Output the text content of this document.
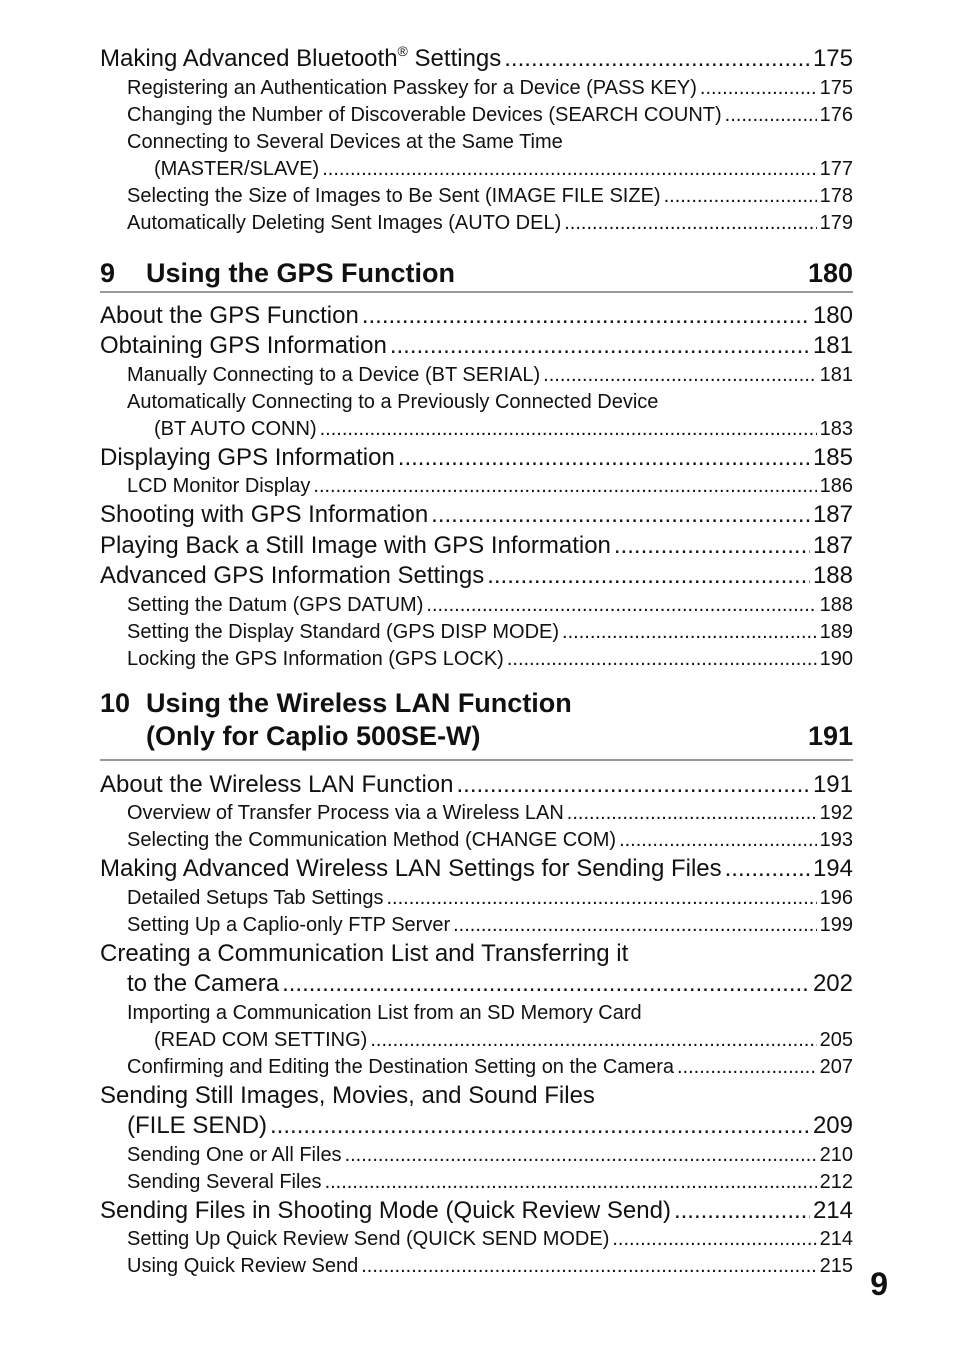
Making Advanced Bluetooth® Settings .....	175
Registering an Authentication Passkey for a Device (PASS KEY) .....	175
Changing the Number of Discoverable Devices (SEARCH COUNT) .....	176
Connecting to Several Devices at the Same Time
(MASTER/SLAVE) .....	177
Selecting the Size of Images to Be Sent (IMAGE FILE SIZE) .....	178
Automatically Deleting Sent Images (AUTO DEL) .....	179
9 Using the GPS Function	180
About the GPS Function .....	180
Obtaining GPS Information .....	181
Manually Connecting to a Device (BT SERIAL) .....	181
Automatically Connecting to a Previously Connected Device
(BT AUTO CONN) .....	183
Displaying GPS Information .....	185
LCD Monitor Display .....	186
Shooting with GPS Information .....	187
Playing Back a Still Image with GPS Information .....	187
Advanced GPS Information Settings .....	188
Setting the Datum (GPS DATUM) .....	188
Setting the Display Standard (GPS DISP MODE) .....	189
Locking the GPS Information (GPS LOCK) .....	190
10 Using the Wireless LAN Function
(Only for Caplio 500SE-W)	191
About the Wireless LAN Function .....	191
Overview of Transfer Process via a Wireless LAN .....	192
Selecting the Communication Method (CHANGE COM) .....	193
Making Advanced Wireless LAN Settings for Sending Files .....	194
Detailed Setups Tab Settings .....	196
Setting Up a Caplio-only FTP Server .....	199
Creating a Communication List and Transferring it
to the Camera .....	202
Importing a Communication List from an SD Memory Card
(READ COM SETTING) .....	205
Confirming and Editing the Destination Setting on the Camera .....	207
Sending Still Images, Movies, and Sound Files
(FILE SEND) .....	209
Sending One or All Files .....	210
Sending Several Files .....	212
Sending Files in Shooting Mode (Quick Review Send) .....	214
Setting Up Quick Review Send (QUICK SEND MODE) .....	214
Using Quick Review Send .....	215 9
